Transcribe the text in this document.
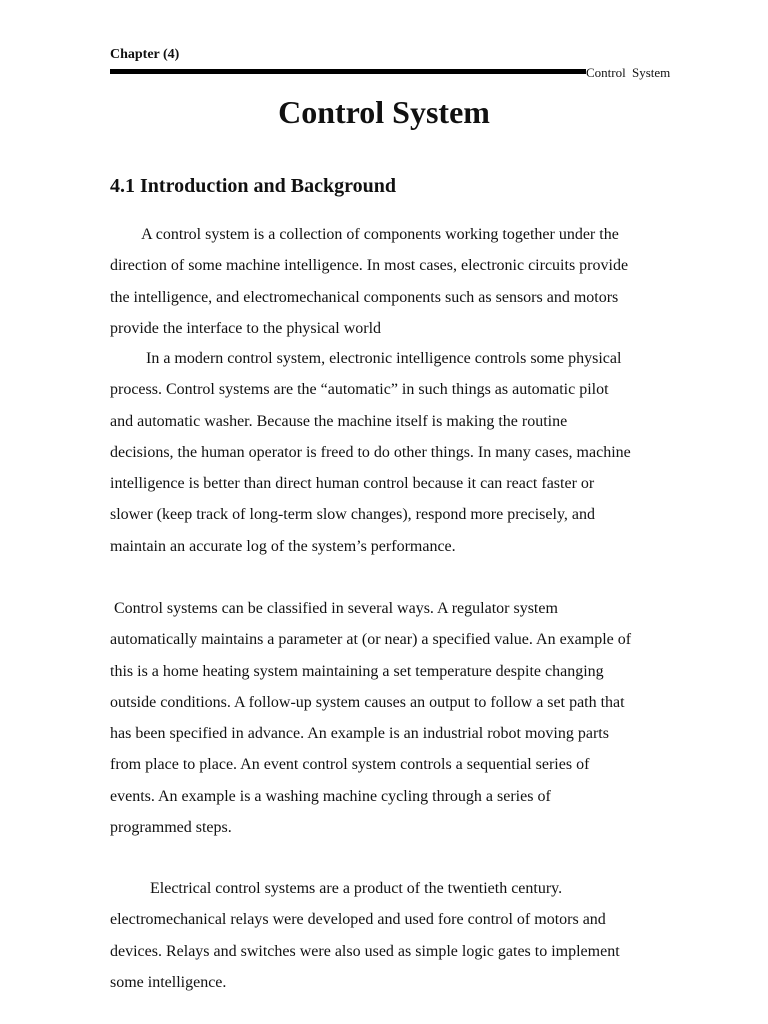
Chapter (4)
Control System
Control System
4.1 Introduction and Background

A control system is a collection of components working together under the
direction of some machine intelligence. In most cases, electronic circuits provide
the intelligence, and electromechanical components such as sensors and motors
provide the interface to the physical world

In a modern control system, electronic intelligence controls some physical
process. Control systems are the “automatic” in such things as automatic pilot
and automatic washer. Because the machine itself is making the routine
decisions, the human operator is freed to do other things. In many cases, machine
intelligence is better than direct human control because it can react faster or
slower (keep track of long-term slow changes), respond more precisely, and
maintain an accurate log of the system’s performance.

Control systems can be classified in several ways. A regulator system
automatically maintains a parameter at (or near) a specified value. An example of
this is a home heating system maintaining a set temperature despite changing
outside conditions. A follow-up system causes an output to follow a set path that
has been specified in advance. An example is an industrial robot moving parts
from place to place. An event control system controls a sequential series of
events. An example is a washing machine cycling through a series of
programmed steps.

Electrical control systems are a product of the twentieth century.
electromechanical relays were developed and used fore control of motors and
devices. Relays and switches were also used as simple logic gates to implement
some intelligence.
